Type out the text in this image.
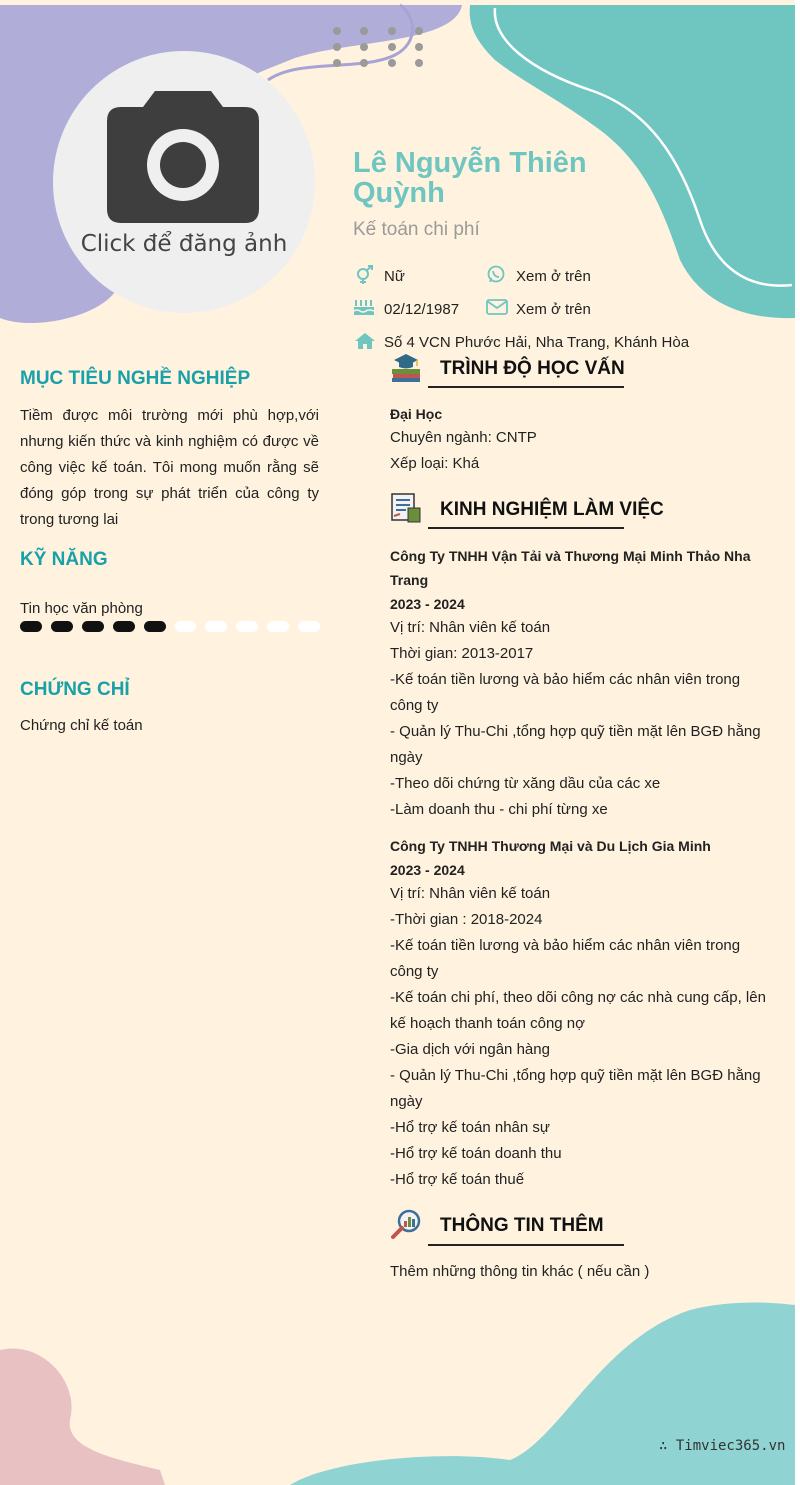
Click để đăng ảnh
Lê Nguyễn Thiên Quỳnh
Kế toán chi phí
Nữ	Xem ở trên
02/12/1987	Xem ở trên
Số 4 VCN Phước Hải, Nha Trang, Khánh Hòa
MỤC TIÊU NGHỀ NGHIỆP
Tiềm được môi trường mới phù hợp,với nhưng kiến thức và kinh nghiệm có được về công việc kế toán. Tôi mong muốn rằng sẽ đóng góp trong sự phát triển của công ty trong tương lai
KỸ NĂNG
Tin học văn phòng
CHỨNG CHỈ
Chứng chỉ kế toán
TRÌNH ĐỘ HỌC VẤN
Đại Học
Chuyên ngành: CNTP
Xếp loại: Khá
KINH NGHIỆM LÀM VIỆC
Công Ty TNHH Vận Tải và Thương Mại Minh Thảo Nha Trang
2023 - 2024
Vị trí: Nhân viên kế toán
Thời gian: 2013-2017
-Kế toán tiền lương và bảo hiểm các nhân viên trong công ty
- Quản lý Thu-Chi ,tổng hợp quỹ tiền mặt lên BGĐ hằng ngày
-Theo dõi chứng từ xăng dầu của các xe
-Làm doanh thu - chi phí từng xe
Công Ty TNHH Thương Mại và Du Lịch Gia Minh
2023 - 2024
Vị trí: Nhân viên kế toán
-Thời gian : 2018-2024
-Kế toán tiền lương và bảo hiểm các nhân viên trong công ty
-Kế toán chi phí, theo dõi công nợ các nhà cung cấp, lên kế hoạch thanh toán công nợ
-Gia dịch với ngân hàng
- Quản lý Thu-Chi ,tổng hợp quỹ tiền mặt lên BGĐ hằng ngày
-Hổ trợ kế toán nhân sự
-Hổ trợ kế toán doanh thu
-Hổ trợ kế toán thuế
THÔNG TIN THÊM
Thêm những thông tin khác ( nếu cần )
∴ Timviec365.vn
